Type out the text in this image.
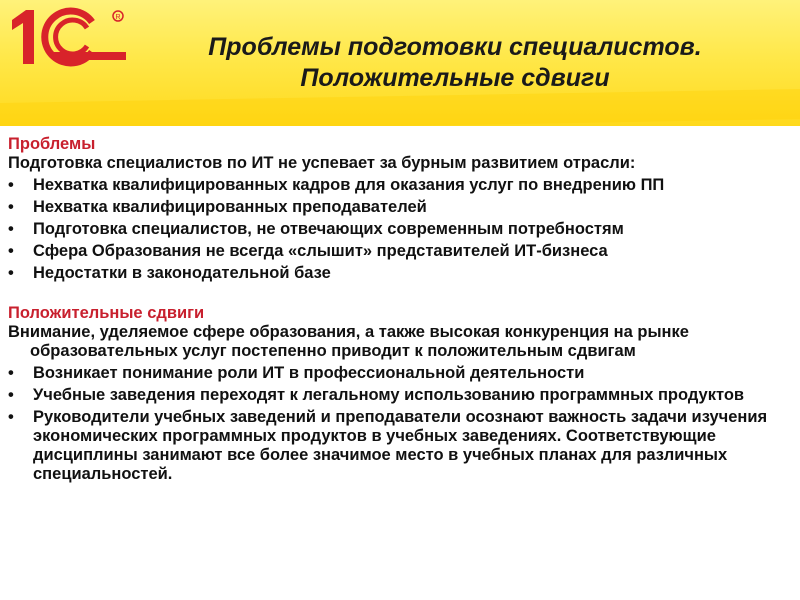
R
Проблемы подготовки специалистов.
Положительные сдвиги
Проблемы
Подготовка специалистов по ИТ не успевает за бурным развитием отрасли:
• Нехватка квалифицированных кадров для оказания услуг по внедрению ПП
• Нехватка квалифицированных преподавателей
• Подготовка специалистов, не отвечающих современным потребностям
• Сфера Образования не всегда «слышит» представителей ИТ-бизнеса
• Недостатки в законодательной базе
Положительные сдвиги
Внимание, уделяемое сфере образования, а также высокая конкуренция на рынке образовательных услуг постепенно приводит к положительным сдвигам
• Возникает понимание роли ИТ в профессиональной деятельности
• Учебные заведения переходят к легальному использованию программных продуктов
• Руководители учебных заведений и преподаватели осознают важность задачи изучения экономических программных продуктов в учебных заведениях. Соответствующие дисциплины занимают все более значимое место в учебных планах для различных специальностей.
